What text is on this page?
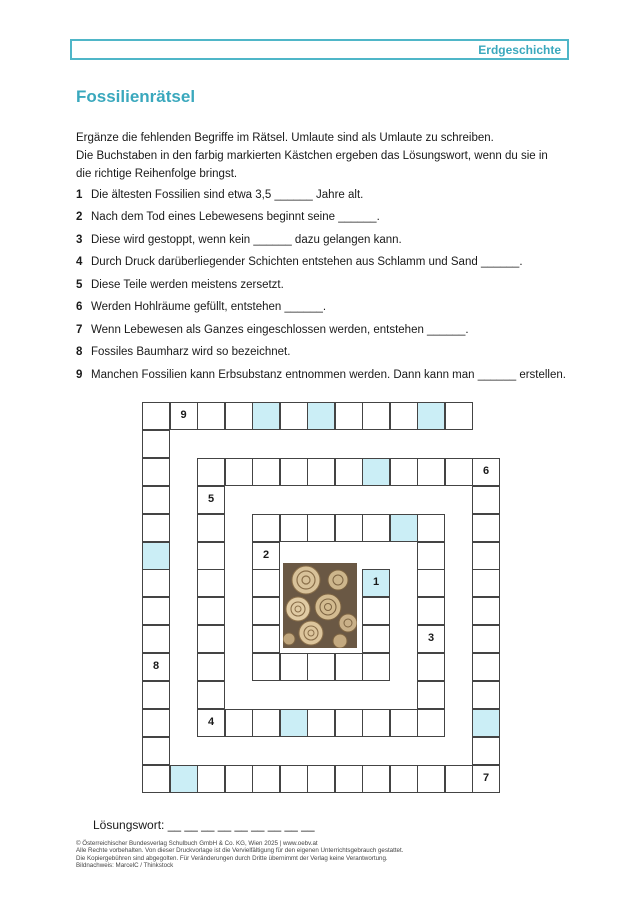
Erdgeschichte
Fossilienrätsel

Ergänze die fehlenden Begriffe im Rätsel. Umlaute sind als Umlaute zu schreiben.

Die Buchstaben in den farbig markierten Kästchen ergeben das Lösungswort, wenn du sie in

die richtige Reihenfolge bringst.

1 Die ältesten Fossilien sind etwa 3,5 ______ Jahre alt.
2 Nach dem Tod eines Lebewesens beginnt seine ______.
3 Diese wird gestoppt, wenn kein ______ dazu gelangen kann.
4 Durch Druck darüberliegender Schichten entstehen aus Schlamm und Sand ______.
5 Diese Teile werden meistens zersetzt.
6 Werden Hohlräume gefüllt, entstehen ______.
7 Wenn Lebewesen als Ganzes eingeschlossen werden, entstehen ______.
8 Fossiles Baumharz wird so bezeichnet.
9 Manchen Fossilien kann Erbsubstanz entnommen werden. Dann kann man ______ erstellen.
9
8
7
6
5
4
3
2
1
Lösungswort: __ __ __ __ __ __ __ __ __

© Österreichischer Bundesverlag Schulbuch GmbH & Co. KG, Wien 2025 | www.oebv.at

Alle Rechte vorbehalten. Von dieser Druckvorlage ist die Vervielfältigung für den eigenen Unterrichtsgebrauch gestattet.

Die Kopiergebühren sind abgegolten. Für Veränderungen durch Dritte übernimmt der Verlag keine Verantwortung.

Bildnachweis: MarcelC / Thinkstock
